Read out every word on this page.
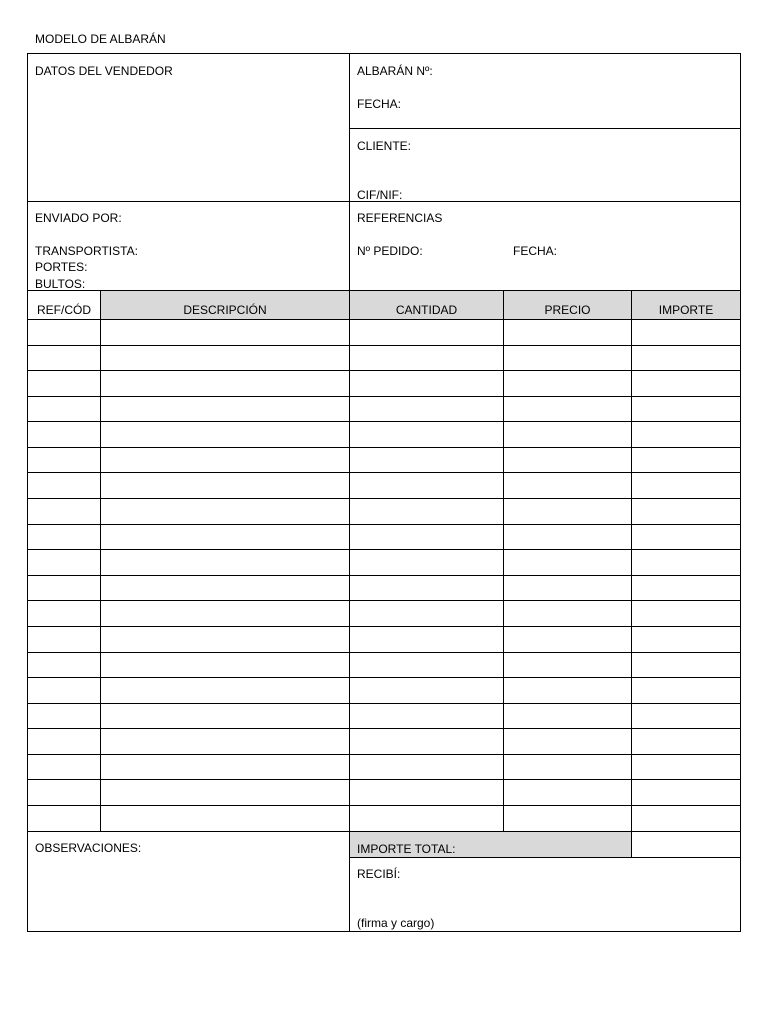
MODELO DE ALBARÁN
DATOS DEL VENDEDOR	ALBARÁN Nº:
FECHA:
CLIENTE:
CIF/NIF:
ENVIADO POR:
TRANSPORTISTA:
PORTES:
BULTOS:
REFERENCIAS
Nº PEDIDO:	FECHA:
REF/CÓD	DESCRIPCIÓN	CANTIDAD	PRECIO	IMPORTE
OBSERVACIONES:	IMPORTE TOTAL:
RECIBÍ:
(firma y cargo)
